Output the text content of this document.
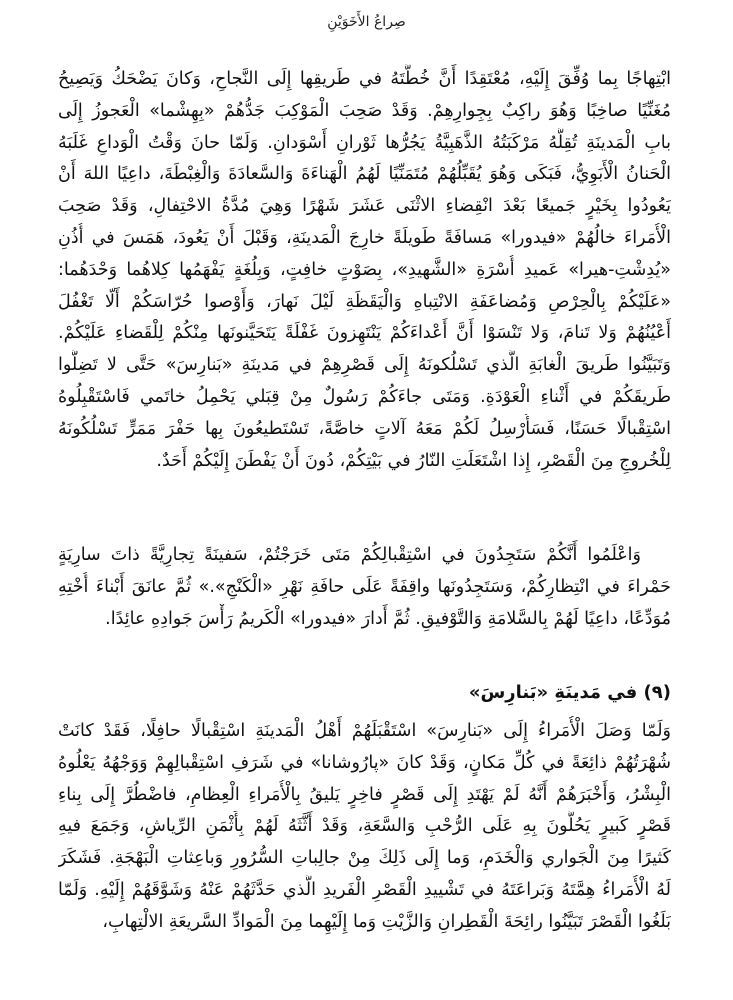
صِراعُ الأَخَوَيْنِ
ابْتِهاجًا بِما وُفِّقَ إِلَيْهِ، مُعْتَقِدًا أَنَّ خُطَّتَهُ في طَريقِها إِلَى النَّجاحِ، وَكانَ يَضْحَكُ وَيَصِيحُ
مُغَنِّيًا صاخِبًا وَهُوَ راكِبٌ بِجِوارِهِمْ. وَقَدْ صَحِبَ الْمَوْكِبَ جَدُّهُمْ «بِهِشْما» الْعَجوزُ إِلَى
بابِ الْمَدينَةِ تُقِلُّهُ مَرْكَبَتُهُ الذَّهَبِيَّةُ يَجُرُّها ثَوْرانِ أَسْوَدانِ. وَلَمّا حانَ وَقْتُ الْوَداعِ غَلَبَهُ
الْحَنانُ الْأَبَوِيُّ، فَبَكَى وَهُوَ يُقَبِّلُهُمْ مُتَمَنِّيًا لَهُمُ الْهَناءَةَ وَالسَّعادَةَ وَالْغِبْطَةَ، داعِيًا اللهَ أَنْ
يَعُودُوا بِخَيْرٍ جَميعًا بَعْدَ انْقِضاءِ الاثْنَى عَشَرَ شَهْرًا وَهِيَ مُدَّةُ الاحْتِفالِ، وَقَدْ صَحِبَ
الْأُمَراءَ خالُهُمْ «فيدورا» مَسافَةً طَويلَةً خارِجَ الْمَدينَةِ، وَقَبْلَ أَنْ يَعُودَ، هَمَسَ في أُذُنِ
«يُدِشْتِ-هيرا» عَميدِ أُسْرَةِ «الشَّهيدِ»، بِصَوْتٍ خافِتٍ، وَبِلُغَةٍ يَفْهَمُها كِلاهُما وَحْدَهُما:
«عَلَيْكُمْ بِالْحِرْصِ وَمُضاعَفَةِ الانْتِباهِ وَالْيَقَظَةِ لَيْلَ نَهارَ، وَأَوْصوا حُرّاسَكُمْ أَلّا تَغْفُلَ
أَعْيُنُهُمْ وَلا تَنامَ، وَلا تَنْسَوْا أَنَّ أَعْداءَكُمْ يَنْتَهِزونَ غَفْلَةً يَتَحَيَّنونَها مِنْكُمْ لِلْقَضاءِ عَلَيْكُمْ.
وَتَبَيَّنُوا طَريقَ الْغابَةِ الَّذي تَسْلُكونَهُ إِلَى قَصْرِهِمْ في مَدينَةِ «بَنارِسَ» حَتَّى لا تَضِلُّوا
طَريقَكُمْ في أَثْناءِ الْعَوْدَةِ. وَمَتَى جاءَكُمْ رَسُولٌ مِنْ قِبَلي يَحْمِلُ خاتَمي فَاسْتَقْبِلُوهُ
اسْتِقْبالًا حَسَنًا، فَسَأُرْسِلُ لَكُمْ مَعَهُ آلاتٍ خاصَّةً، تَسْتَطيعُونَ بِها حَفْرَ مَمَرٍّ تَسْلُكُونَهُ
لِلْخُروجِ مِنَ الْقَصْرِ، إِذا اشْتَعَلَتِ النّارُ في بَيْتِكُمْ، دُونَ أَنْ يَفْطَنَ إِلَيْكُمْ أَحَدٌ.
وَاعْلَمُوا أَنَّكُمْ سَتَجِدُونَ في اسْتِقْبالِكُمْ مَتَى خَرَجْتُمْ، سَفينَةً تِجارِيَّةً ذاتَ سارِيَةٍ
حَمْراءَ في انْتِظارِكُمْ، وَسَتَجِدُونَها واقِفَةً عَلَى حافَةِ نَهْرِ «الْكَنْجِ».» ثُمَّ عانَقَ أَبْناءَ أُخْتِهِ
مُوَدِّعًا، داعِيًا لَهُمْ بِالسَّلامَةِ وَالتَّوْفيقِ. ثُمَّ أَدارَ «فيدورا» الْكَريمُ رَأْسَ جَوادِهِ عائِدًا.
(٩) في مَدينَةِ «بَنارِسَ»
وَلَمّا وَصَلَ الْأُمَراءُ إِلَى «بَنارِسَ» اسْتَقْبَلَهُمْ أَهْلُ الْمَدينَةِ اسْتِقْبالًا حافِلًا، فَقَدْ كانَتْ
شُهْرَتُهُمْ ذائِعَةً في كُلِّ مَكانٍ، وَقَدْ كانَ «پارُوشانا» في شَرَفِ اسْتِقْبالِهِمْ وَوَجْهُهُ يَعْلُوهُ
الْبِشْرُ، وَأَخْبَرَهُمْ أَنَّهُ لَمْ يَهْتَدِ إِلَى قَصْرٍ فاخِرٍ يَليقُ بِالْأُمَراءِ الْعِظامِ، فاضْطُرَّ إِلَى بِناءِ
قَصْرٍ كَبيرٍ يَحُلُّونَ بِهِ عَلَى الرُّحْبِ وَالسَّعَةِ، وَقَدْ أَثَّثَهُ لَهُمْ بِأَثْمَنِ الرِّياشِ، وَجَمَعَ فيهِ
كَثيرًا مِنَ الْجَواري وَالْخَدَمِ، وَما إِلَى ذَلِكَ مِنْ جالِباتِ السُّرُورِ وَباعِثاتِ الْبَهْجَةِ. فَشَكَرَ
لَهُ الْأُمَراءُ هِمَّتَهُ وَبَراعَتَهُ في تَشْييدِ الْقَصْرِ الْفَريدِ الَّذي حَدَّثَهُمْ عَنْهُ وَشَوَّقَهُمْ إِلَيْهِ. وَلَمّا
بَلَغُوا الْقَصْرَ تَبَيَّنُوا رائِحَةَ الْقَطِرانِ وَالزَّيْتِ وَما إِلَيْهِما مِنَ الْمَوادِّ السَّريعَةِ الالْتِهابِ،
